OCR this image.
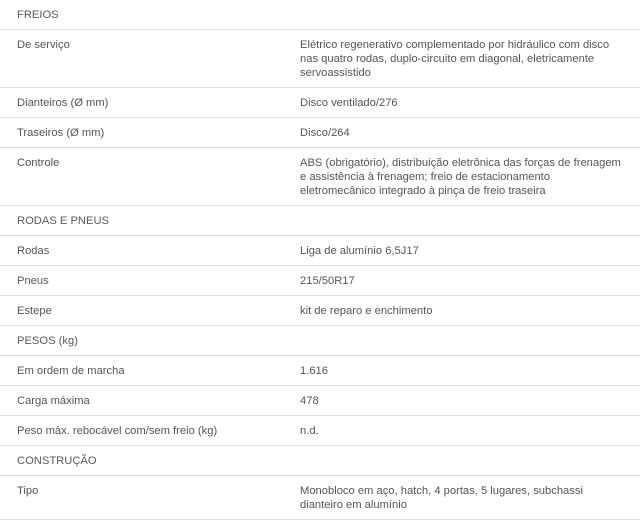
FREIOS
De serviço	Elétrico regenerativo complementado por hidráulico com disco nas quatro rodas, duplo-circuito em diagonal, eletricamente servoassistido
Dianteiros (Ø mm)	Disco ventilado/276
Traseiros (Ø mm)	Disco/264
Controle	ABS (obrigatório), distribuição eletrônica das forças de frenagem e assistência à frenagem; freio de estacionamento eletromecânico integrado à pinça de freio traseira
RODAS E PNEUS
Rodas	Liga de alumínio 6,5J17
Pneus	215/50R17
Estepe	kit de reparo e enchimento
PESOS (kg)
Em ordem de marcha	1.616
Carga máxima	478
Peso máx. rebocável com/sem freio (kg)	n.d.
CONSTRUÇÃO
Tipo	Monobloco em aço, hatch, 4 portas, 5 lugares, subchassi dianteiro em alumínio
